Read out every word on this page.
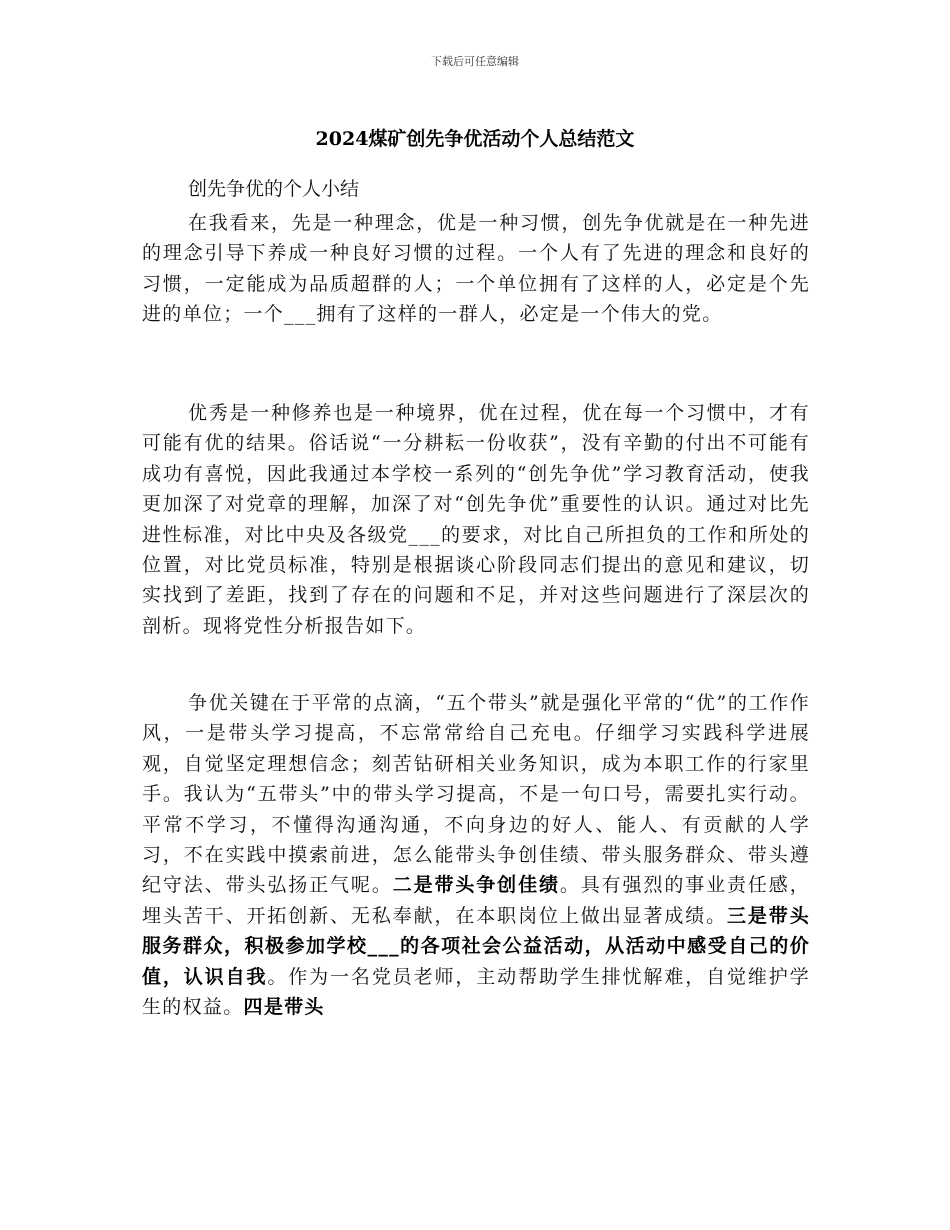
下载后可任意编辑
2024煤矿创先争优活动个人总结范文
创先争优的个人小结

在我看来，先是一种理念，优是一种习惯，创先争优就是在一种先进的理念引导下养成一种良好习惯的过程。一个人有了先进的理念和良好的习惯，一定能成为品质超群的人；一个单位拥有了这样的人，必定是个先进的单位；一个___拥有了这样的一群人，必定是一个伟大的党。

优秀是一种修养也是一种境界，优在过程，优在每一个习惯中，才有可能有优的结果。俗话说“一分耕耘一份收获”，没有辛勤的付出不可能有成功有喜悦，因此我通过本学校一系列的“创先争优”学习教育活动，使我更加深了对党章的理解，加深了对“创先争优”重要性的认识。通过对比先进性标准，对比中央及各级党___的要求，对比自己所担负的工作和所处的位置，对比党员标准，特别是根据谈心阶段同志们提出的意见和建议，切实找到了差距，找到了存在的问题和不足，并对这些问题进行了深层次的剖析。现将党性分析报告如下。

争优关键在于平常的点滴，“五个带头”就是强化平常的“优”的工作作风，一是带头学习提高，不忘常常给自己充电。仔细学习实践科学进展观，自觉坚定理想信念；刻苦钻研相关业务知识，成为本职工作的行家里手。我认为“五带头”中的带头学习提高，不是一句口号，需要扎实行动。平常不学习，不懂得沟通沟通，不向身边的好人、能人、有贡献的人学习，不在实践中摸索前进，怎么能带头争创佳绩、带头服务群众、带头遵纪守法、带头弘扬正气呢。二是带头争创佳绩。具有强烈的事业责任感，埋头苦干、开拓创新、无私奉献，在本职岗位上做出显著成绩。三是带头服务群众，积极参加学校___的各项社会公益活动，从活动中感受自己的价值，认识自我。作为一名党员老师，主动帮助学生排忧解难，自觉维护学生的权益。四是带头
